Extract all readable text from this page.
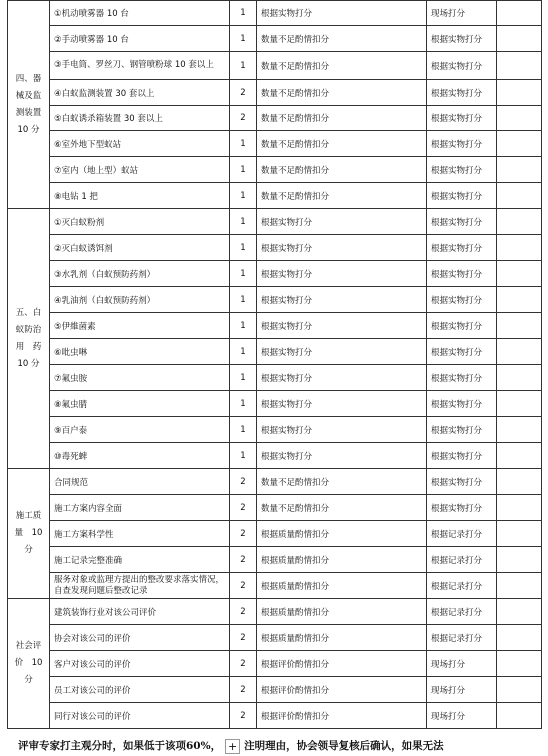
四、器
械及监
测装置
10 分	①机动喷雾器 10 台	1	根据实物打分	现场打分	
	②手动喷雾器 10 台	1	数量不足酌情扣分	根据实物打分	
	③手电筒、罗丝刀、钢管喷粉球 10 套以上	1	数量不足酌情扣分	根据实物打分	
	④白蚁监测装置 30 套以上	2	数量不足酌情扣分	根据实物打分	
	⑤白蚁诱杀箱装置 30 套以上	2	数量不足酌情扣分	根据实物打分	
	⑥室外地下型蚁站	1	数量不足酌情扣分	根据实物打分	
	⑦室内（地上型）蚁站	1	数量不足酌情扣分	根据实物打分	
	⑧电钻 1 把	1	数量不足酌情扣分	根据实物打分	

五、白
蚁防治
用　药
10 分	①灭白蚁粉剂	1	根据实物打分	根据实物打分	
	②灭白蚁诱饵剂	1	根据实物打分	根据实物打分	
	③水乳剂（白蚁预防药剂）	1	根据实物打分	根据实物打分	
	④乳油剂（白蚁预防药剂）	1	根据实物打分	根据实物打分	
	⑤伊維菌素	1	根据实物打分	根据实物打分	
	⑥吡虫啉	1	根据实物打分	根据实物打分	
	⑦氟虫胺	1	根据实物打分	根据实物打分	
	⑧氟虫腈	1	根据实物打分	根据实物打分	
	⑨百户泰	1	根据实物打分	根据实物打分	
	⑩毒死蜱	1	根据实物打分	根据实物打分	

施工质
量　10
分	合同规范	2	数量不足酌情扣分	根据实物打分	
	施工方案内容全面	2	数量不足酌情扣分	根据实物打分	
	施工方案科学性	2	根据质量酌情扣分	根据记录打分	
	施工记录完整准确	2	根据质量酌情扣分	根据记录打分	
	服务对象或监理方提出的整改要求落实情况，自查发现问题后整改记录	2	根据质量酌情扣分	根据记录打分	

社会评
价　10
分	建筑装饰行业对该公司评价	2	根据质量酌情扣分	根据记录打分	
	协会对该公司的评价	2	根据质量酌情扣分	根据记录打分	
	客户对该公司的评价	2	根据评价酌情扣分	现场打分	
	员工对该公司的评价	2	根据评价酌情扣分	现场打分	
	同行对该公司的评价	2	根据评价酌情扣分	现场打分	
评审专家打主观分时，如果低于该项60%， + 注明理由，协会领导复核后确认，如果无法
